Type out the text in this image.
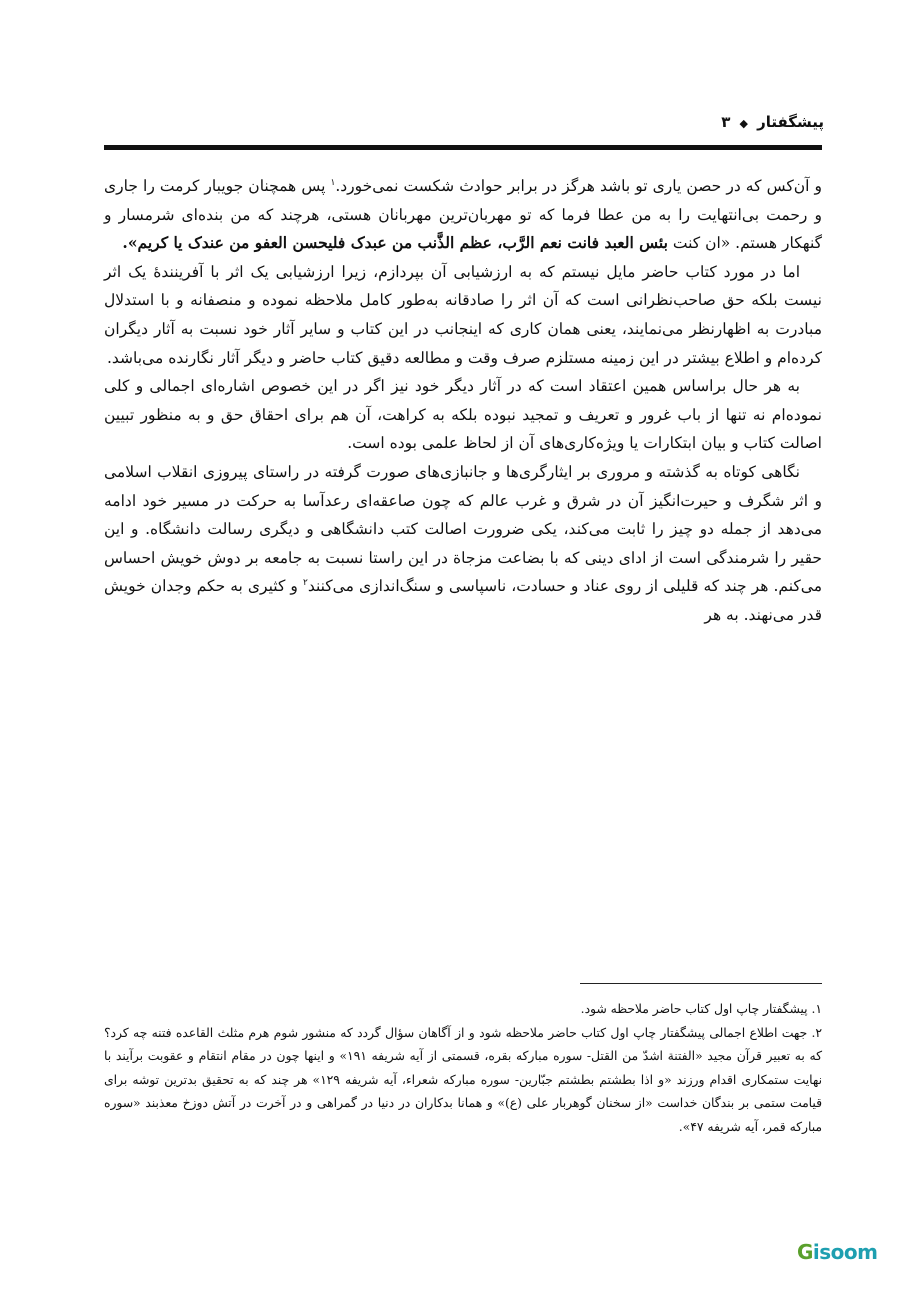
پیشگفتار ◆ ۳

و آن‌کس که در حصن یاری تو باشد هرگز در برابر حوادث شکست نمی‌خورد.$^۱$ پس همچنان جویبار کرمت را جاری و رحمت بی‌انتهایت را به من عطا فرما که تو مهربان‌ترین مهربانان هستی، هرچند که من بنده‌ای شرمسار و گنهکار هستم. «ان کنت بئس العبد فانت نعم الرَّب، عظم الذَّنب من عبدک فلیحسن العفو من عندک یا کریم».

اما در مورد کتاب حاضر مایل نیستم که به ارزشیابی آن بپردازم، زیرا ارزشیابی یک اثر با آفرینندهٔ یک اثر نیست بلکه حق صاحب‌نظرانی است که آن اثر را صادقانه به‌طور کامل ملاحظه نموده و منصفانه و با استدلال مبادرت به اظهارنظر می‌نمایند، یعنی همان کاری که اینجانب در این کتاب و سایر آثار خود نسبت به آثار دیگران کرده‌ام و اطلاع بیشتر در این زمینه مستلزم صرف وقت و مطالعه دقیق کتاب حاضر و دیگر آثار نگارنده می‌باشد.

به هر حال براساس همین اعتقاد است که در آثار دیگر خود نیز اگر در این خصوص اشاره‌ای اجمالی و کلی نموده‌ام نه تنها از باب غرور و تعریف و تمجید نبوده بلکه به کراهت، آن هم برای احقاق حق و به منظور تبیین اصالت کتاب و بیان ابتکارات یا ویژه‌کاری‌های آن از لحاظ علمی بوده است.

نگاهی کوتاه به گذشته و مروری بر ایثارگری‌ها و جانبازی‌های صورت گرفته در راستای پیروزی انقلاب اسلامی و اثر شگرف و حیرت‌انگیز آن در شرق و غرب عالم که چون صاعقه‌ای رعدآسا به حرکت در مسیر خود ادامه می‌دهد از جمله دو چیز را ثابت می‌کند، یکی ضرورت اصالت کتب دانشگاهی و دیگری رسالت دانشگاه. و این حقیر را شرمندگی است از ادای دینی که با بضاعت مزجاة در این راستا نسبت به جامعه بر دوش خویش احساس می‌کنم. هر چند که قلیلی از روی عناد و حسادت، ناسپاسی و سنگ‌اندازی می‌کنند$^۲$ و کثیری به حکم وجدان خویش قدر می‌نهند. به هر

۱. پیشگفتار چاپ اول کتاب حاضر ملاحظه شود.

۲. جهت اطلاع اجمالی پیشگفتار چاپ اول کتاب حاضر ملاحظه شود و از آگاهان سؤال گردد که منشور شوم هرم مثلث القاعده فتنه چه کرد؟ که به تعبیر قرآن مجید «الفتنة اشدّ من القتل- سوره مبارکه بقره، قسمتی از آیه شریفه ۱۹۱» و اینها چون در مقام انتقام و عقوبت برآیند با نهایت ستمکاری اقدام ورزند «و اذا بطشتم بطشتم جبّارین- سوره مبارکه شعراء، آیه شریفه ۱۲۹» هر چند که به تحقیق بدترین توشه برای قیامت ستمی بر بندگان خداست «از سخنان گوهربار علی (ع)» و همانا بدکاران در دنیا در گمراهی و در آخرت در آتش دوزخ معذبند «سوره مبارکه قمر، آیه شریفه ۴۷».

Gisoom
